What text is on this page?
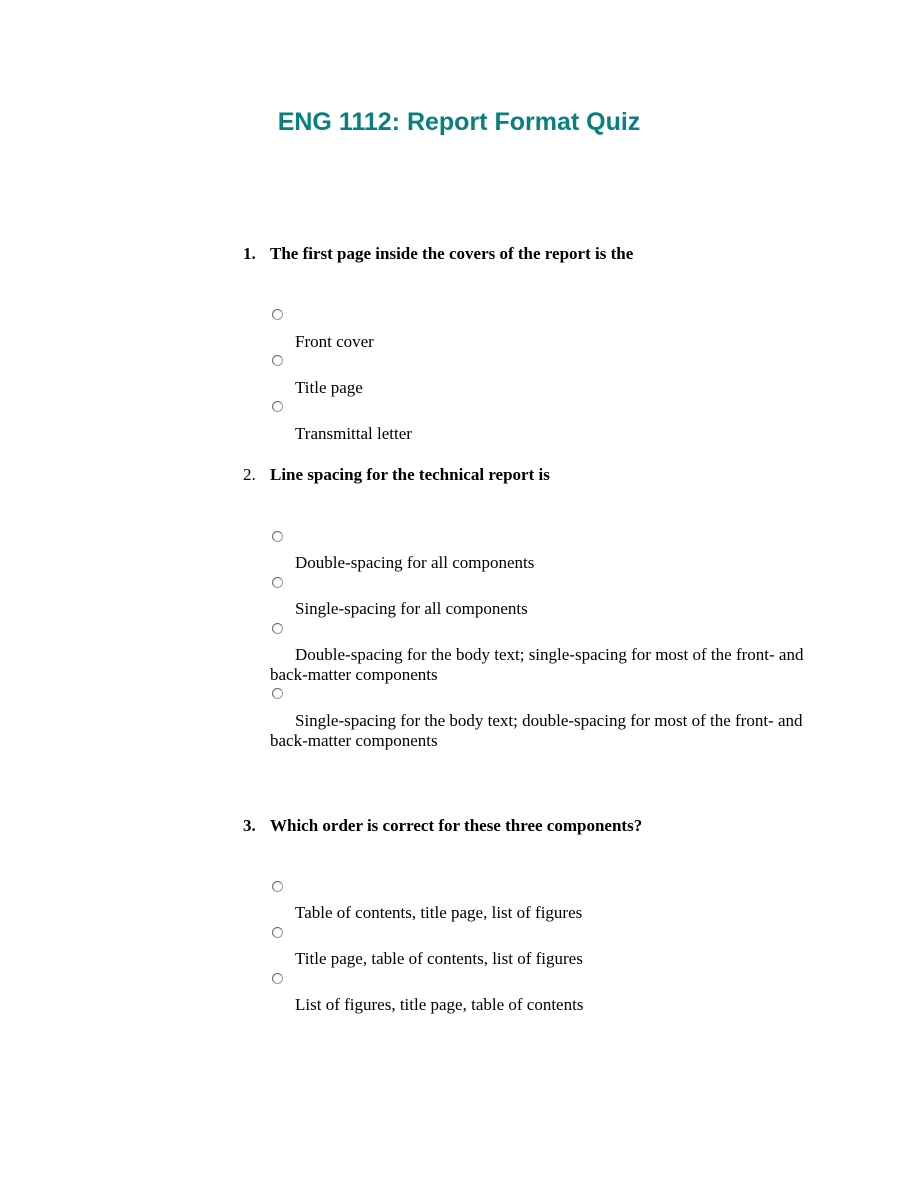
ENG 1112: Report Format Quiz
1. The first page inside the covers of the report is the
Front cover
Title page
Transmittal letter
2. Line spacing for the technical report is
Double-spacing for all components
Single-spacing for all components
Double-spacing for the body text; single-spacing for most of the front- and back-matter components
Single-spacing for the body text; double-spacing for most of the front- and back-matter components
3. Which order is correct for these three components?
Table of contents, title page, list of figures
Title page, table of contents, list of figures
List of figures, title page, table of contents
